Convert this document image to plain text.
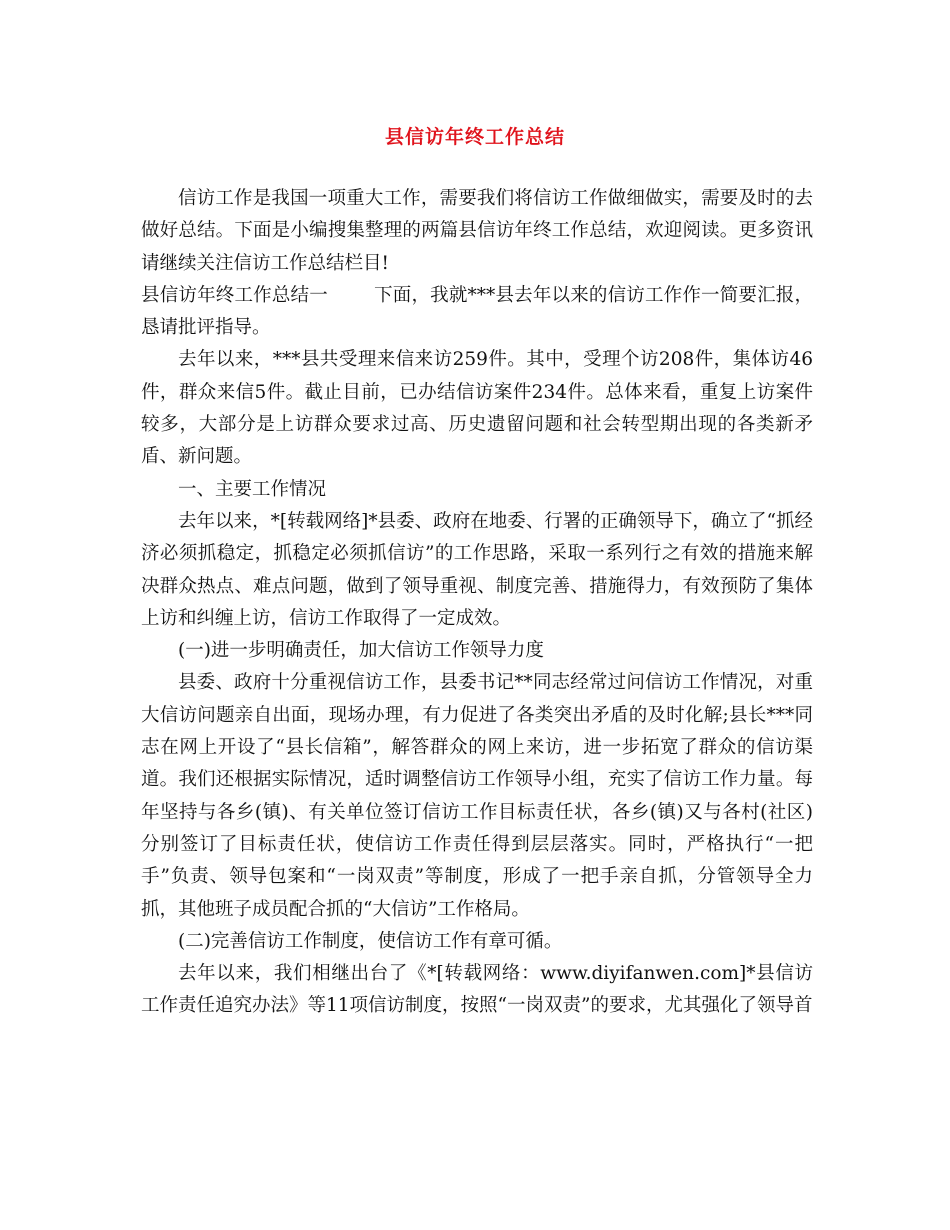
县信访年终工作总结

信访工作是我国一项重大工作，需要我们将信访工作做细做实，需要及时的去做好总结。下面是小编搜集整理的两篇县信访年终工作总结，欢迎阅读。更多资讯请继续关注信访工作总结栏目!

县信访年终工作总结一 下面，我就***县去年以来的信访工作作一简要汇报，恳请批评指导。

去年以来，***县共受理来信来访259件。其中，受理个访208件，集体访46件，群众来信5件。截止目前，已办结信访案件234件。总体来看，重复上访案件较多，大部分是上访群众要求过高、历史遗留问题和社会转型期出现的各类新矛盾、新问题。

一、主要工作情况

去年以来，*[转载网络]*县委、政府在地委、行署的正确领导下，确立了“抓经济必须抓稳定，抓稳定必须抓信访”的工作思路，采取一系列行之有效的措施来解决群众热点、难点问题，做到了领导重视、制度完善、措施得力，有效预防了集体上访和纠缠上访，信访工作取得了一定成效。

(一)进一步明确责任，加大信访工作领导力度

县委、政府十分重视信访工作，县委书记**同志经常过问信访工作情况，对重大信访问题亲自出面，现场办理，有力促进了各类突出矛盾的及时化解;县长***同志在网上开设了“县长信箱”，解答群众的网上来访，进一步拓宽了群众的信访渠道。我们还根据实际情况，适时调整信访工作领导小组，充实了信访工作力量。每年坚持与各乡(镇)、有关单位签订信访工作目标责任状，各乡(镇)又与各村(社区)分别签订了目标责任状，使信访工作责任得到层层落实。同时，严格执行“一把手”负责、领导包案和“一岗双责”等制度，形成了一把手亲自抓，分管领导全力抓，其他班子成员配合抓的“大信访”工作格局。

(二)完善信访工作制度，使信访工作有章可循。

去年以来，我们相继出台了《*[转载网络：www.diyifanwen.com]*县信访工作责任追究办法》等11项信访制度，按照“一岗双责”的要求，尤其强化了领导首
